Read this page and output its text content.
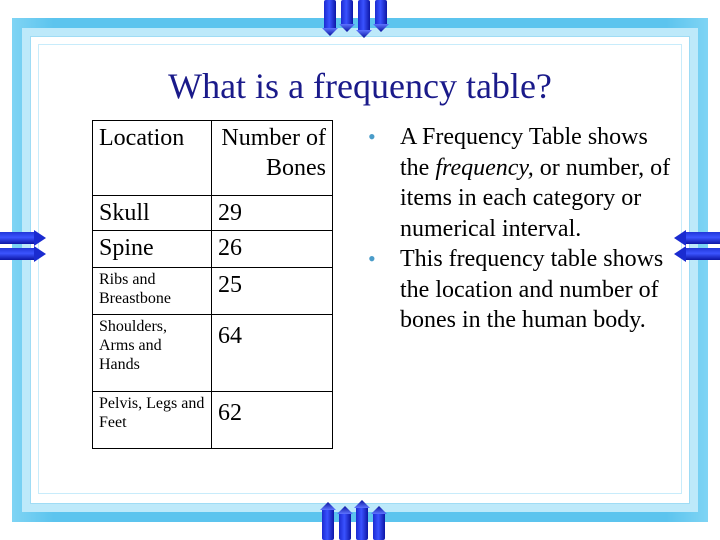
What is a frequency table?
Location	Number of Bones
Skull	29
Spine	26
Ribs and Breastbone	25
Shoulders, Arms and Hands	64
Pelvis, Legs and Feet	62
• A Frequency Table shows the frequency, or number, of items in each category or numerical interval.
• This frequency table shows the location and number of bones in the human body.
